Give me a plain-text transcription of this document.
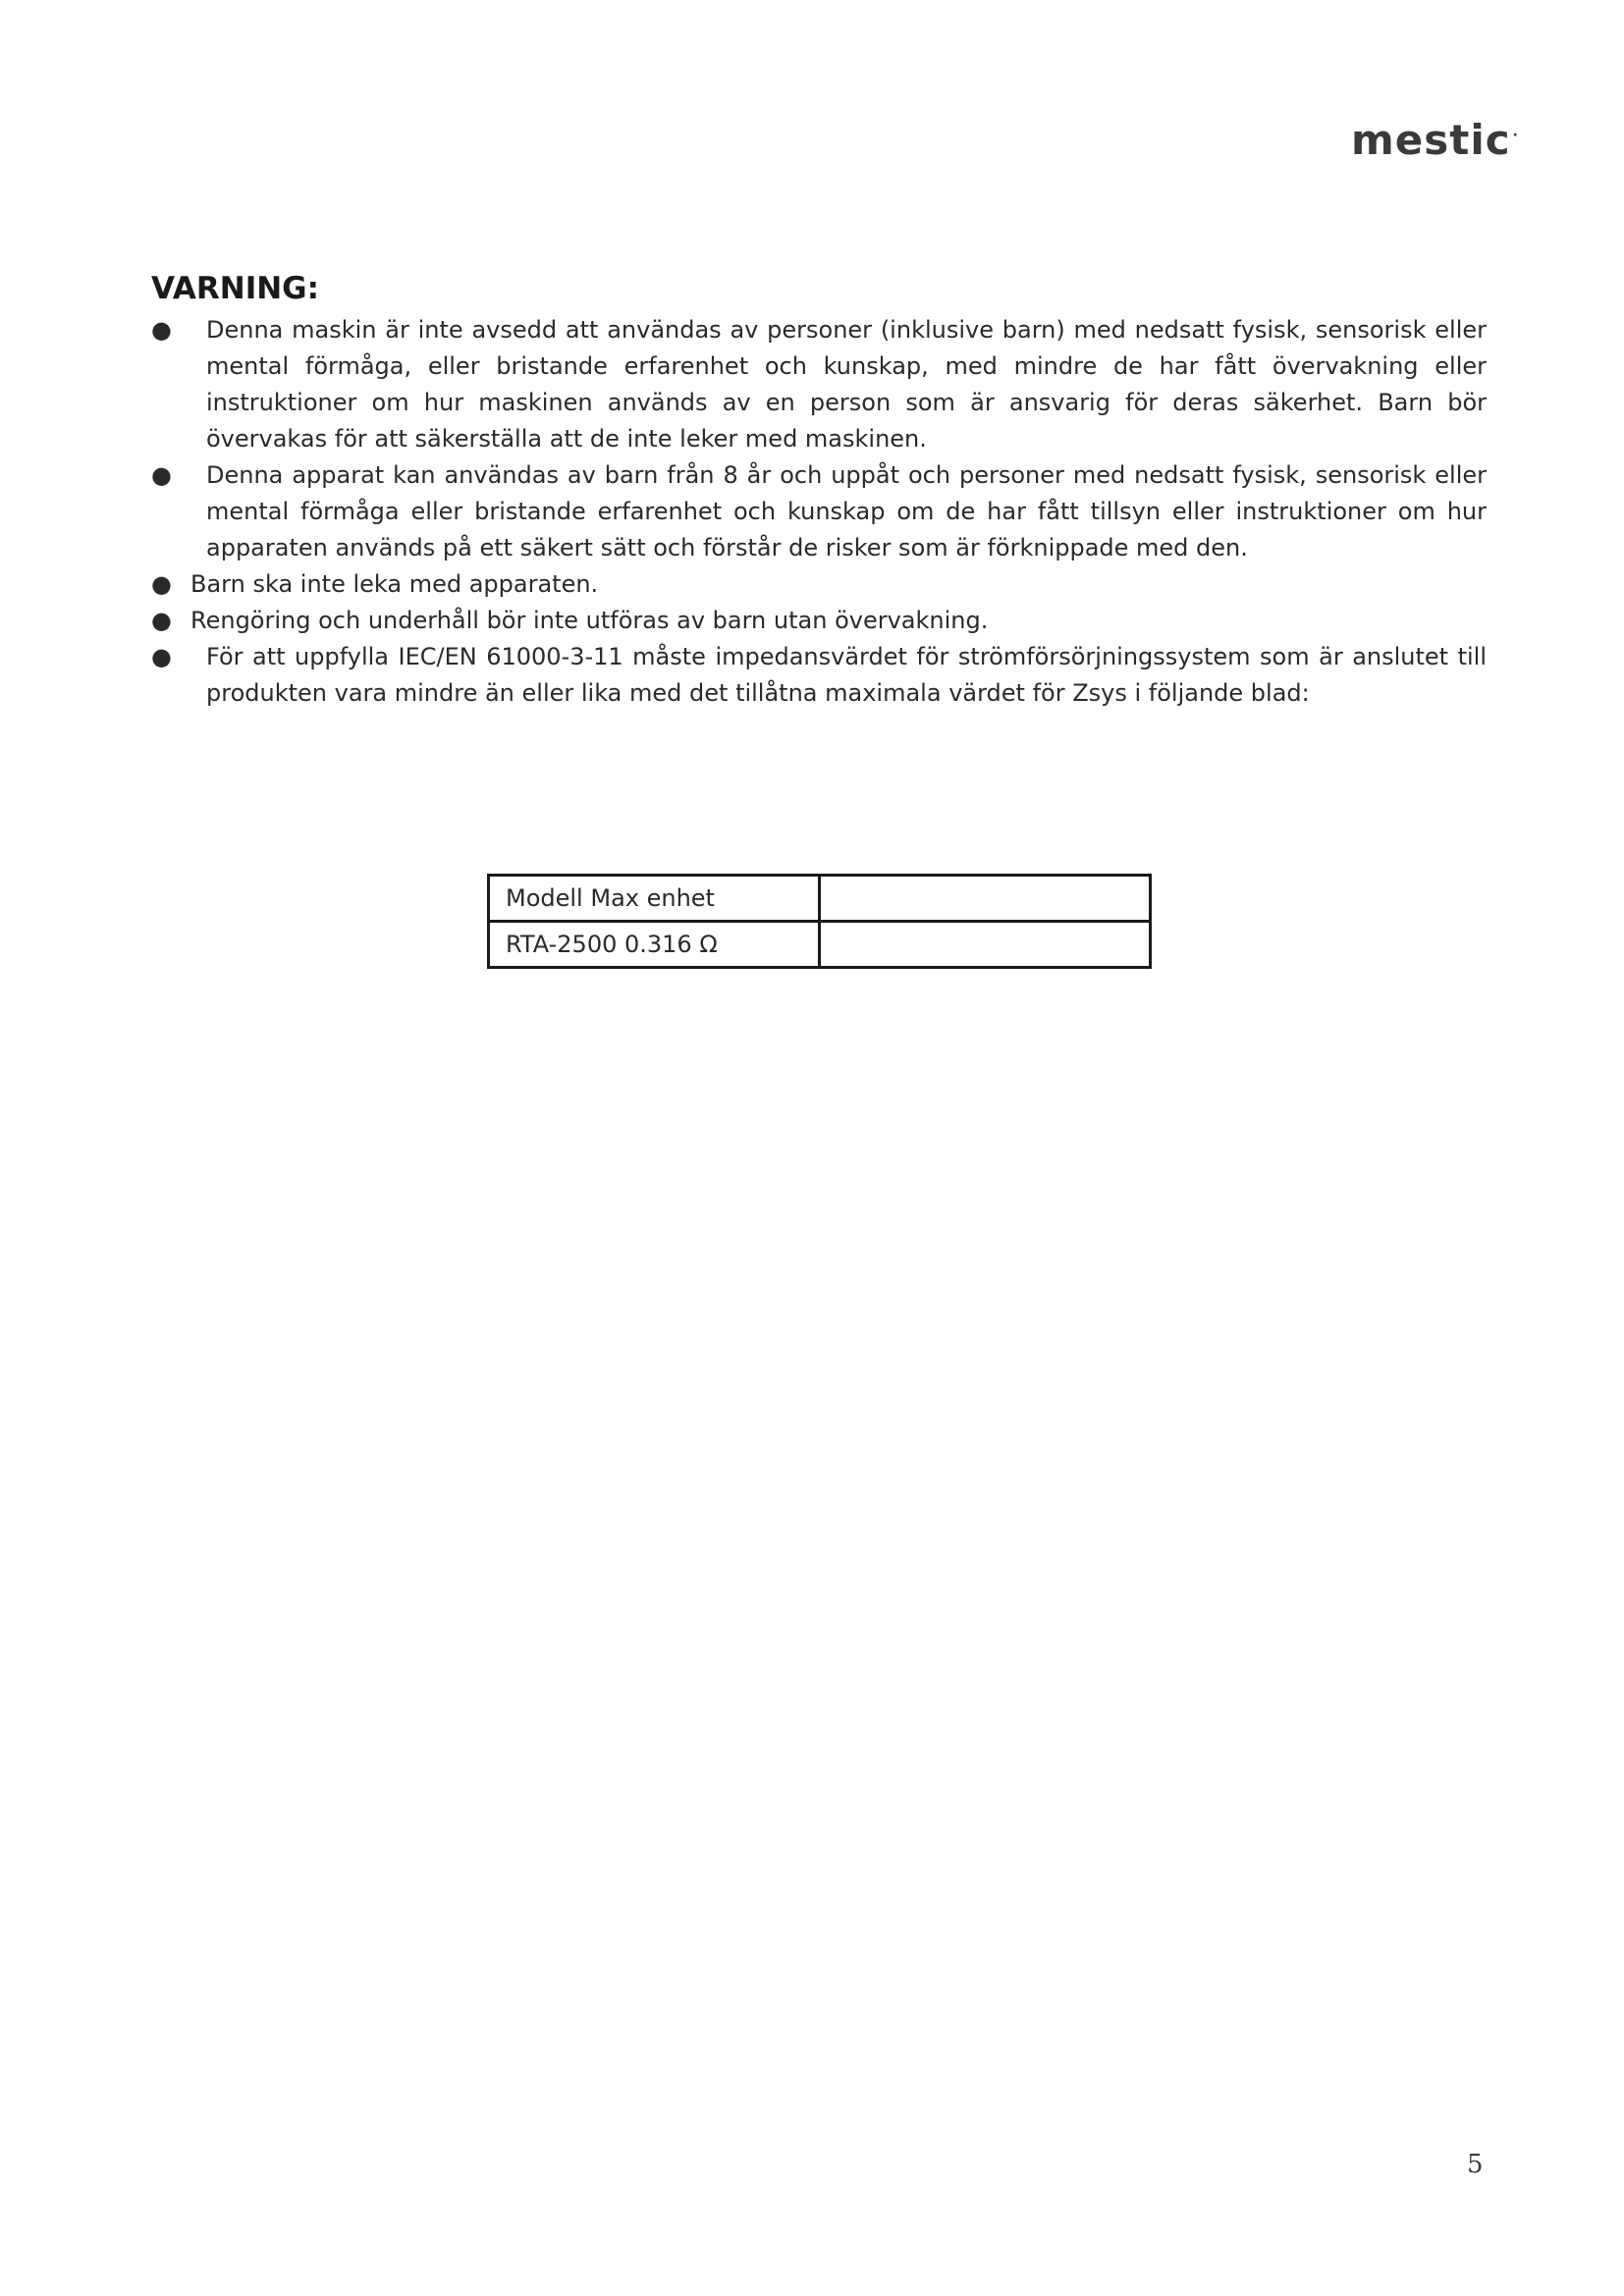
mestic ·
VARNING:
● Denna maskin är inte avsedd att användas av personer (inklusive barn) med nedsatt fysisk, sensorisk eller mental förmåga, eller bristande erfarenhet och kunskap, med mindre de har fått övervakning eller instruktioner om hur maskinen används av en person som är ansvarig för deras säkerhet. Barn bör övervakas för att säkerställa att de inte leker med maskinen.
● Denna apparat kan användas av barn från 8 år och uppåt och personer med nedsatt fysisk, sensorisk eller mental förmåga eller bristande erfarenhet och kunskap om de har fått tillsyn eller instruktioner om hur apparaten används på ett säkert sätt och förstår de risker som är förknippade med den.
● Barn ska inte leka med apparaten.
● Rengöring och underhåll bör inte utföras av barn utan övervakning.
● För att uppfylla IEC/EN 61000-3-11 måste impedansvärdet för strömförsörjningssystem som är anslutet till produkten vara mindre än eller lika med det tillåtna maximala värdet för Zsys i följande blad:
Modell Max enhet	
RTA-2500 0.316 Ω	
5
